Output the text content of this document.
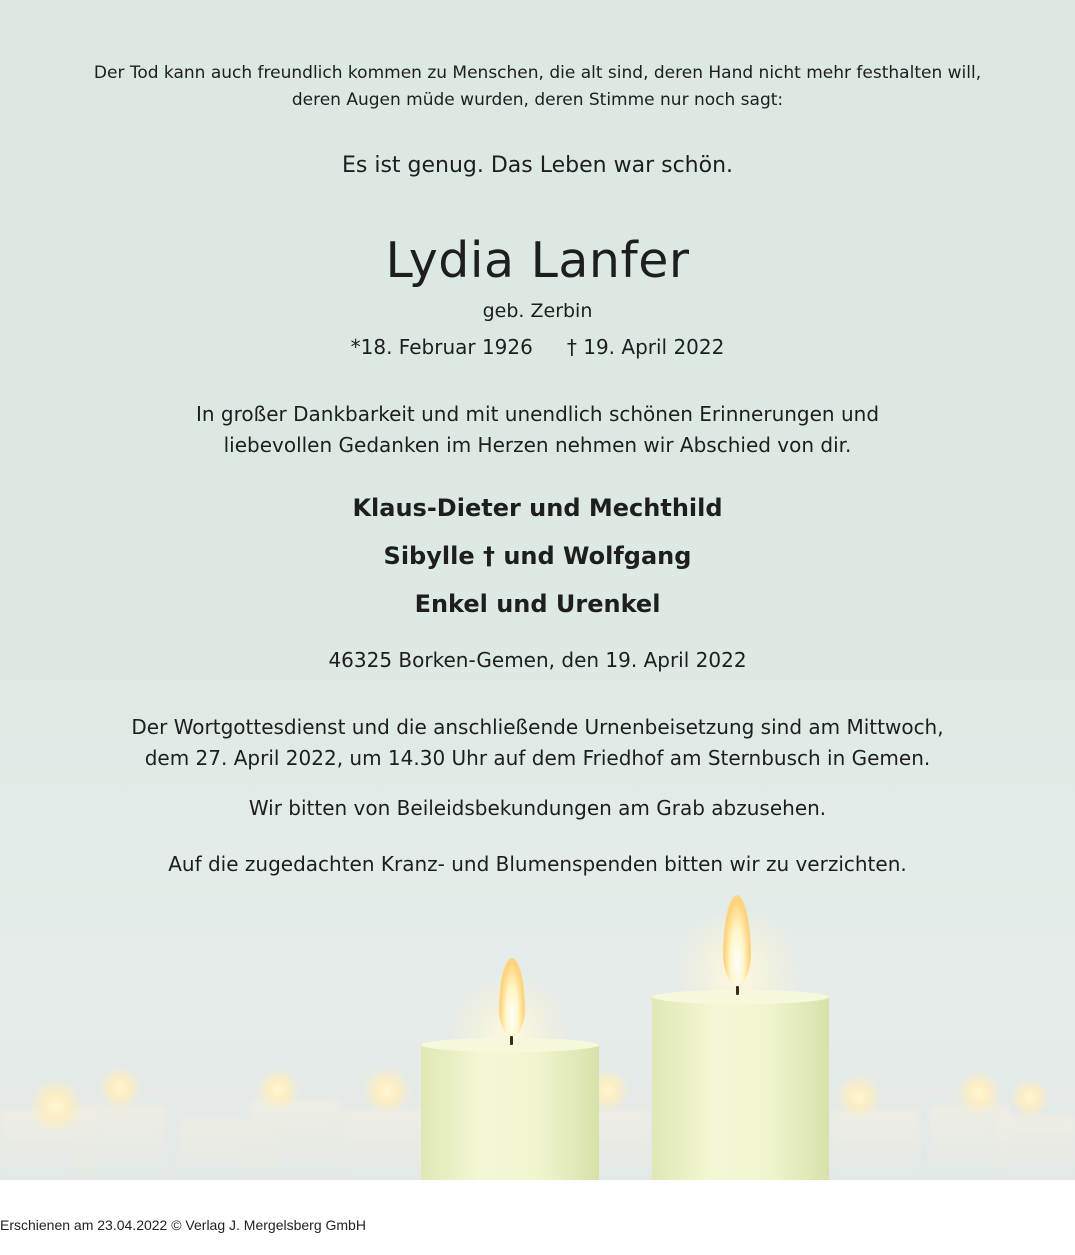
Der Tod kann auch freundlich kommen zu Menschen, die alt sind, deren Hand nicht mehr festhalten will,
deren Augen müde wurden, deren Stimme nur noch sagt:

Es ist genug. Das Leben war schön.

Lydia Lanfer

geb. Zerbin

*18. Februar 1926 † 19. April 2022

In großer Dankbarkeit und mit unendlich schönen Erinnerungen und
liebevollen Gedanken im Herzen nehmen wir Abschied von dir.
Klaus-Dieter und Mechthild
Sibylle † und Wolfgang
Enkel und Urenkel

46325 Borken-Gemen, den 19. April 2022

Der Wortgottesdienst und die anschließende Urnenbeisetzung sind am Mittwoch,
dem 27. April 2022, um 14.30 Uhr auf dem Friedhof am Sternbusch in Gemen.

Wir bitten von Beileidsbekundungen am Grab abzusehen.

Auf die zugedachten Kranz- und Blumenspenden bitten wir zu verzichten.

Erschienen am 23.04.2022 © Verlag J. Mergelsberg GmbH
